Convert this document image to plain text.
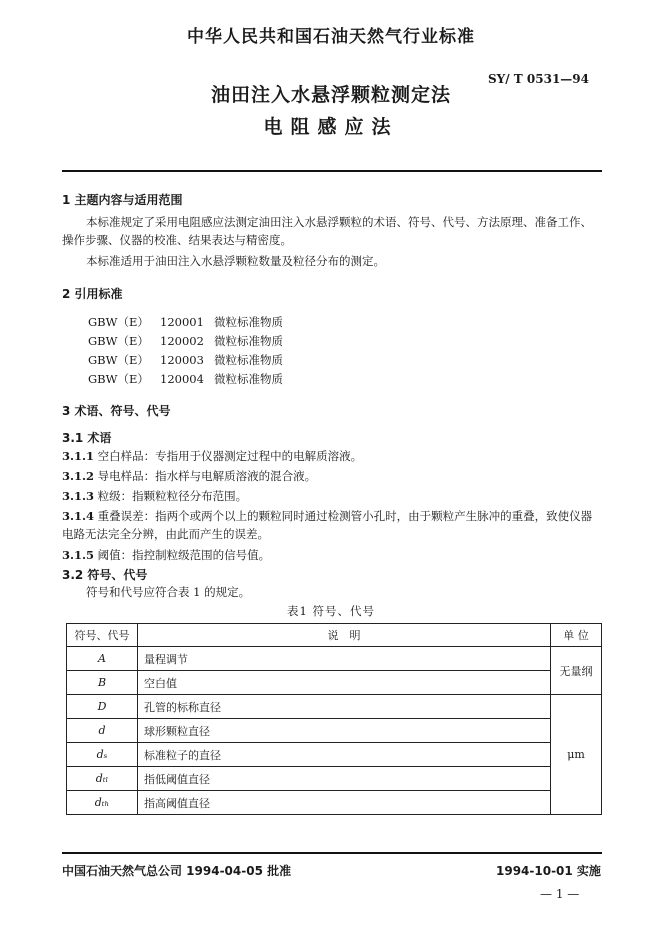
中华人民共和国石油天然气行业标准
SY/ T 0531—94
油田注入水悬浮颗粒测定法
电阻感应法
1 主题内容与适用范围
本标准规定了采用电阻感应法测定油田注入水悬浮颗粒的术语、符号、代号、方法原理、准备工作、操作步骤、仪器的校准、结果表达与精密度。
本标准适用于油田注入水悬浮颗粒数量及粒径分布的测定。
2 引用标准
GBW（E） 120001 微粒标准物质
GBW（E） 120002 微粒标准物质
GBW（E） 120003 微粒标准物质
GBW（E） 120004 微粒标准物质
3 术语、符号、代号
3.1 术语
3.1.1 空白样品：专指用于仪器测定过程中的电解质溶液。
3.1.2 导电样品：指水样与电解质溶液的混合液。
3.1.3 粒级：指颗粒粒径分布范围。
3.1.4 重叠误差：指两个或两个以上的颗粒同时通过检测管小孔时，由于颗粒产生脉冲的重叠，致使仪器电路无法完全分辨，由此而产生的误差。
3.1.5 阈值：指控制粒级范围的信号值。
3.2 符号、代号
符号和代号应符合表 1 的规定。
表1 符号、代号
符号、代号	说　明	单 位
A	量程调节	无量纲
B	空白值	
D	孔管的标称直径	μm
d	球形颗粒直径	
dₛ	标准粒子的直径	
dₜₗ	指低阈值直径	
dₜₕ	指高阈值直径	
中国石油天然气总公司 1994-04-05 批准	1994-10-01 实施
— 1 —
